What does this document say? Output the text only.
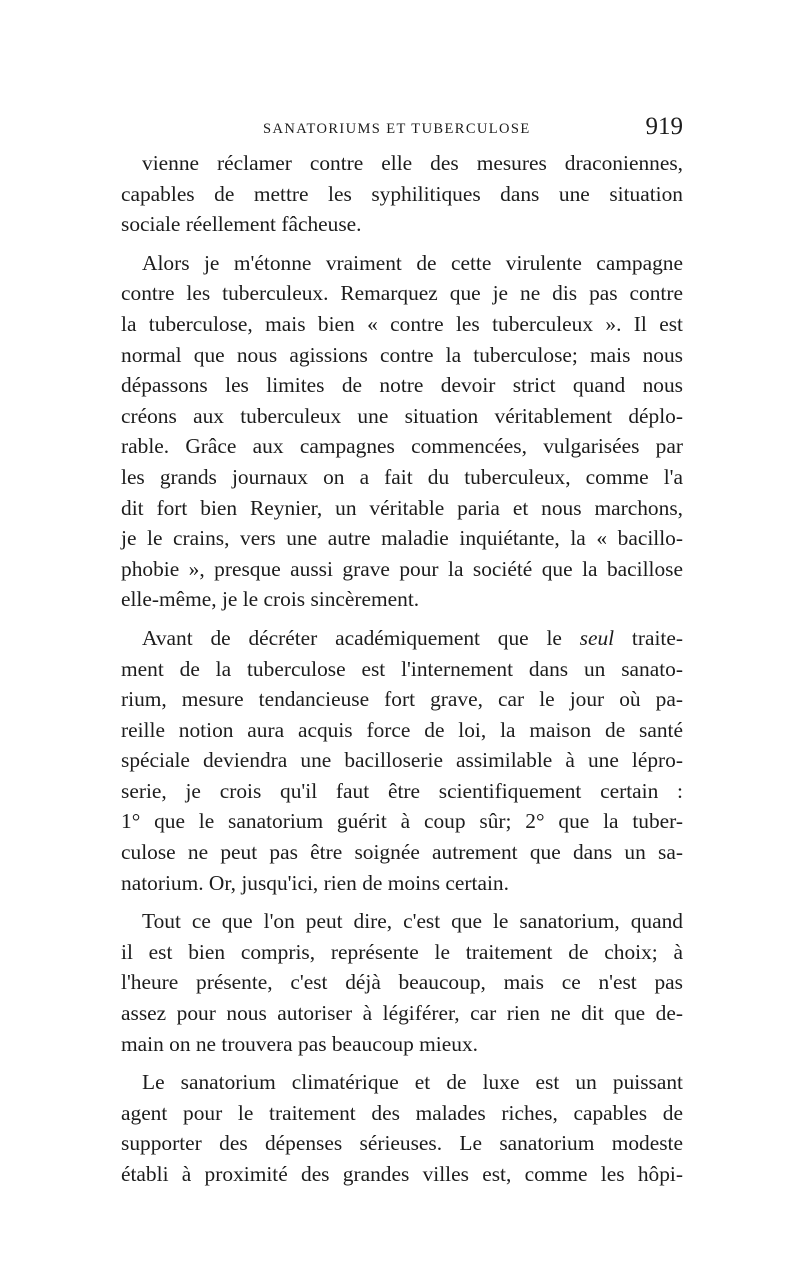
SANATORIUMS ET TUBERCULOSE	919
vienne réclamer contre elle des mesures draconiennes,
capables de mettre les syphilitiques dans une situation
sociale réellement fâcheuse.
Alors je m'étonne vraiment de cette virulente campagne
contre les tuberculeux. Remarquez que je ne dis pas contre
la tuberculose, mais bien « contre les tuberculeux ». Il est
normal que nous agissions contre la tuberculose; mais nous
dépassons les limites de notre devoir strict quand nous
créons aux tuberculeux une situation véritablement déplo-
rable. Grâce aux campagnes commencées, vulgarisées par
les grands journaux on a fait du tuberculeux, comme l'a
dit fort bien Reynier, un véritable paria et nous marchons,
je le crains, vers une autre maladie inquiétante, la « bacillo-
phobie », presque aussi grave pour la société que la bacillose
elle-même, je le crois sincèrement.
Avant de décréter académiquement que le seul traite-
ment de la tuberculose est l'internement dans un sanato-
rium, mesure tendancieuse fort grave, car le jour où pa-
reille notion aura acquis force de loi, la maison de santé
spéciale deviendra une bacilloserie assimilable à une lépro-
serie, je crois qu'il faut être scientifiquement certain :
1° que le sanatorium guérit à coup sûr; 2° que la tuber-
culose ne peut pas être soignée autrement que dans un sa-
natorium. Or, jusqu'ici, rien de moins certain.
Tout ce que l'on peut dire, c'est que le sanatorium, quand
il est bien compris, représente le traitement de choix; à
l'heure présente, c'est déjà beaucoup, mais ce n'est pas
assez pour nous autoriser à légiférer, car rien ne dit que de-
main on ne trouvera pas beaucoup mieux.
Le sanatorium climatérique et de luxe est un puissant
agent pour le traitement des malades riches, capables de
supporter des dépenses sérieuses. Le sanatorium modeste
établi à proximité des grandes villes est, comme les hôpi-
